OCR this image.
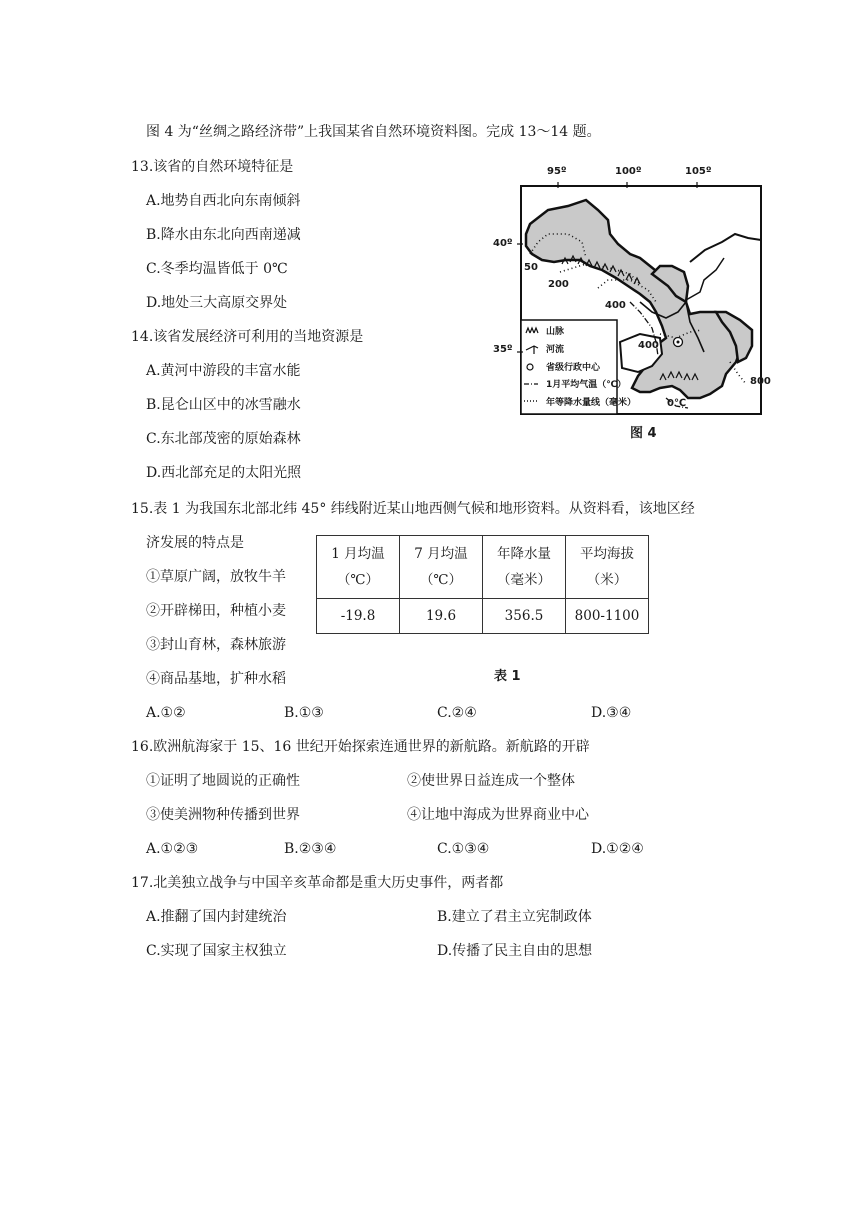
图 4 为“丝绸之路经济带”上我国某省自然环境资料图。完成 13～14 题。
13.该省的自然环境特征是
A.地势自西北向东南倾斜
B.降水由东北向西南递减
C.冬季均温皆低于 0℃
D.地处三大高原交界处
14.该省发展经济可利用的当地资源是
A.黄河中游段的丰富水能
B.昆仑山区中的冰雪融水
C.东北部茂密的原始森林
D.西北部充足的太阳光照
95º	100º	105º
40º
35º
50
200
400
400
800
0℃
山脉
河流
省级行政中心
1月平均气温（℃）
年等降水量线（毫米）
图 4
15.表 1 为我国东北部北纬 45° 纬线附近某山地西侧气候和地形资料。从资料看，该地区经
济发展的特点是
①草原广阔，放牧牛羊
②开辟梯田，种植小麦
③封山育林，森林旅游
④商品基地，扩种水稻
1 月均温
（℃）	7 月均温
（℃）	年降水量
（毫米）	平均海拔
（米）
-19.8	19.6	356.5	800-1100
表 1
A.①②	B.①③	C.②④	D.③④
16.欧洲航海家于 15、16 世纪开始探索连通世界的新航路。新航路的开辟
①证明了地圆说的正确性	②使世界日益连成一个整体
③使美洲物种传播到世界	④让地中海成为世界商业中心
A.①②③	B.②③④	C.①③④	D.①②④
17.北美独立战争与中国辛亥革命都是重大历史事件，两者都
A.推翻了国内封建统治	B.建立了君主立宪制政体
C.实现了国家主权独立	D.传播了民主自由的思想
